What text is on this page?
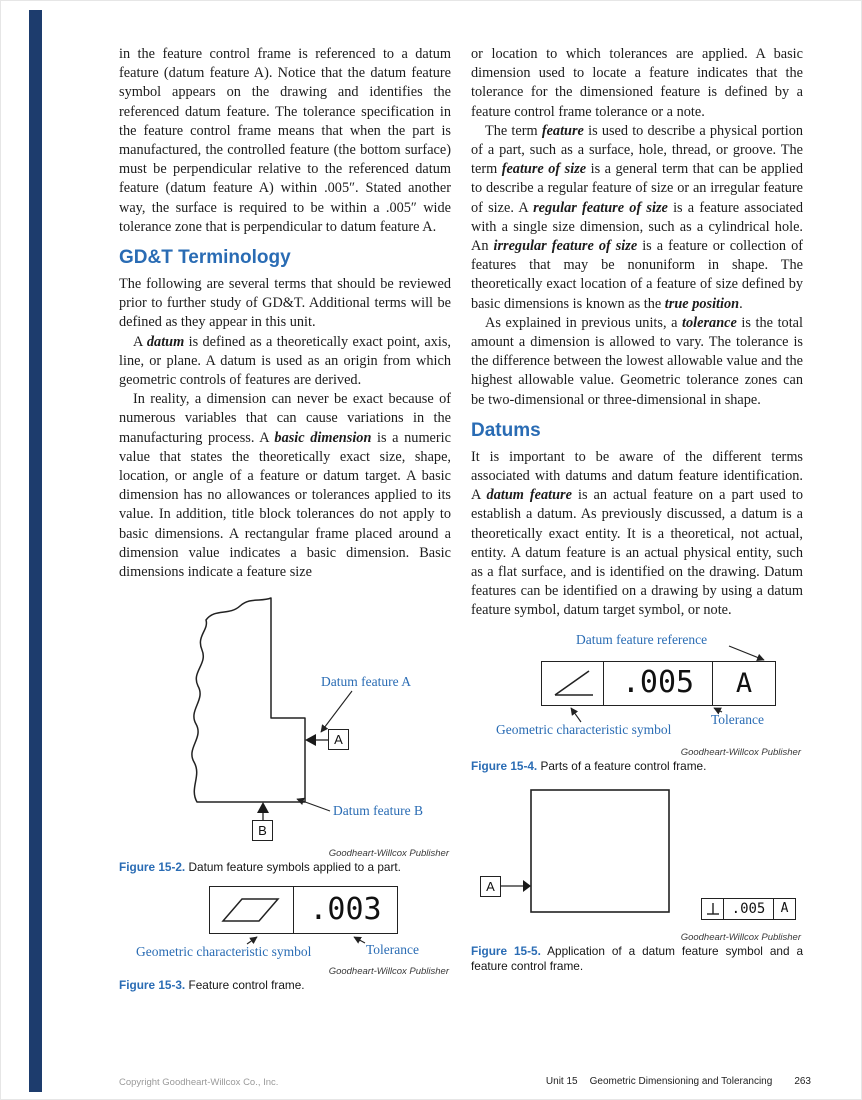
in the feature control frame is referenced to a datum feature (datum feature A). Notice that the datum feature symbol appears on the drawing and identifies the referenced datum feature. The tolerance specification in the feature control frame means that when the part is manufactured, the controlled feature (the bottom surface) must be perpendicular relative to the referenced datum feature (datum feature A) within .005″. Stated another way, the surface is required to be within a .005″ wide tolerance zone that is perpendicular to datum feature A.

GD&T Terminology

The following are several terms that should be reviewed prior to further study of GD&T. Additional terms will be defined as they appear in this unit.

A datum is defined as a theoretically exact point, axis, line, or plane. A datum is used as an origin from which geometric controls of features are derived.

In reality, a dimension can never be exact because of numerous variables that can cause variations in the manufacturing process. A basic dimension is a numeric value that states the theoretically exact size, shape, location, or angle of a feature or datum target. A basic dimension has no allowances or tolerances applied to its value. In addition, title block tolerances do not apply to basic dimensions. A rectangular frame placed around a dimension value indicates a basic dimension. Basic dimensions indicate a feature size

Datum feature A
Datum feature B
A
B
Goodheart-Willcox Publisher

Figure 15-2. Datum feature symbols applied to a part.

.003
Geometric characteristic symbol	Tolerance
Goodheart-Willcox Publisher

Figure 15-3. Feature control frame.

or location to which tolerances are applied. A basic dimension used to locate a feature indicates that the tolerance for the dimensioned feature is defined by a feature control frame tolerance or a note.

The term feature is used to describe a physical portion of a part, such as a surface, hole, thread, or groove. The term feature of size is a general term that can be applied to describe a regular feature of size or an irregular feature of size. A regular feature of size is a feature associated with a single size dimension, such as a cylindrical hole. An irregular feature of size is a feature or collection of features that may be nonuniform in shape. The theoretically exact location of a feature of size defined by basic dimensions is known as the true position.

As explained in previous units, a tolerance is the total amount a dimension is allowed to vary. The tolerance is the difference between the lowest allowable value and the highest allowable value. Geometric tolerance zones can be two-dimensional or three-dimensional in shape.

Datums

It is important to be aware of the different terms associated with datums and datum feature identification. A datum feature is an actual feature on a part used to establish a datum. As previously discussed, a datum is a theoretically exact entity. It is a theoretical, not actual, entity. A datum feature is an actual physical entity, such as a flat surface, and is identified on the drawing. Datum features can be identified on a drawing by using a datum feature symbol, datum target symbol, or note.

Datum feature reference
.005 A
Geometric characteristic symbol
Tolerance
Goodheart-Willcox Publisher

Figure 15-4. Parts of a feature control frame.

A
.005 A
Goodheart-Willcox Publisher

Figure 15-5. Application of a datum feature symbol and a feature control frame.

Copyright Goodheart-Willcox Co., Inc.	Unit 15 Geometric Dimensioning and Tolerancing 263
